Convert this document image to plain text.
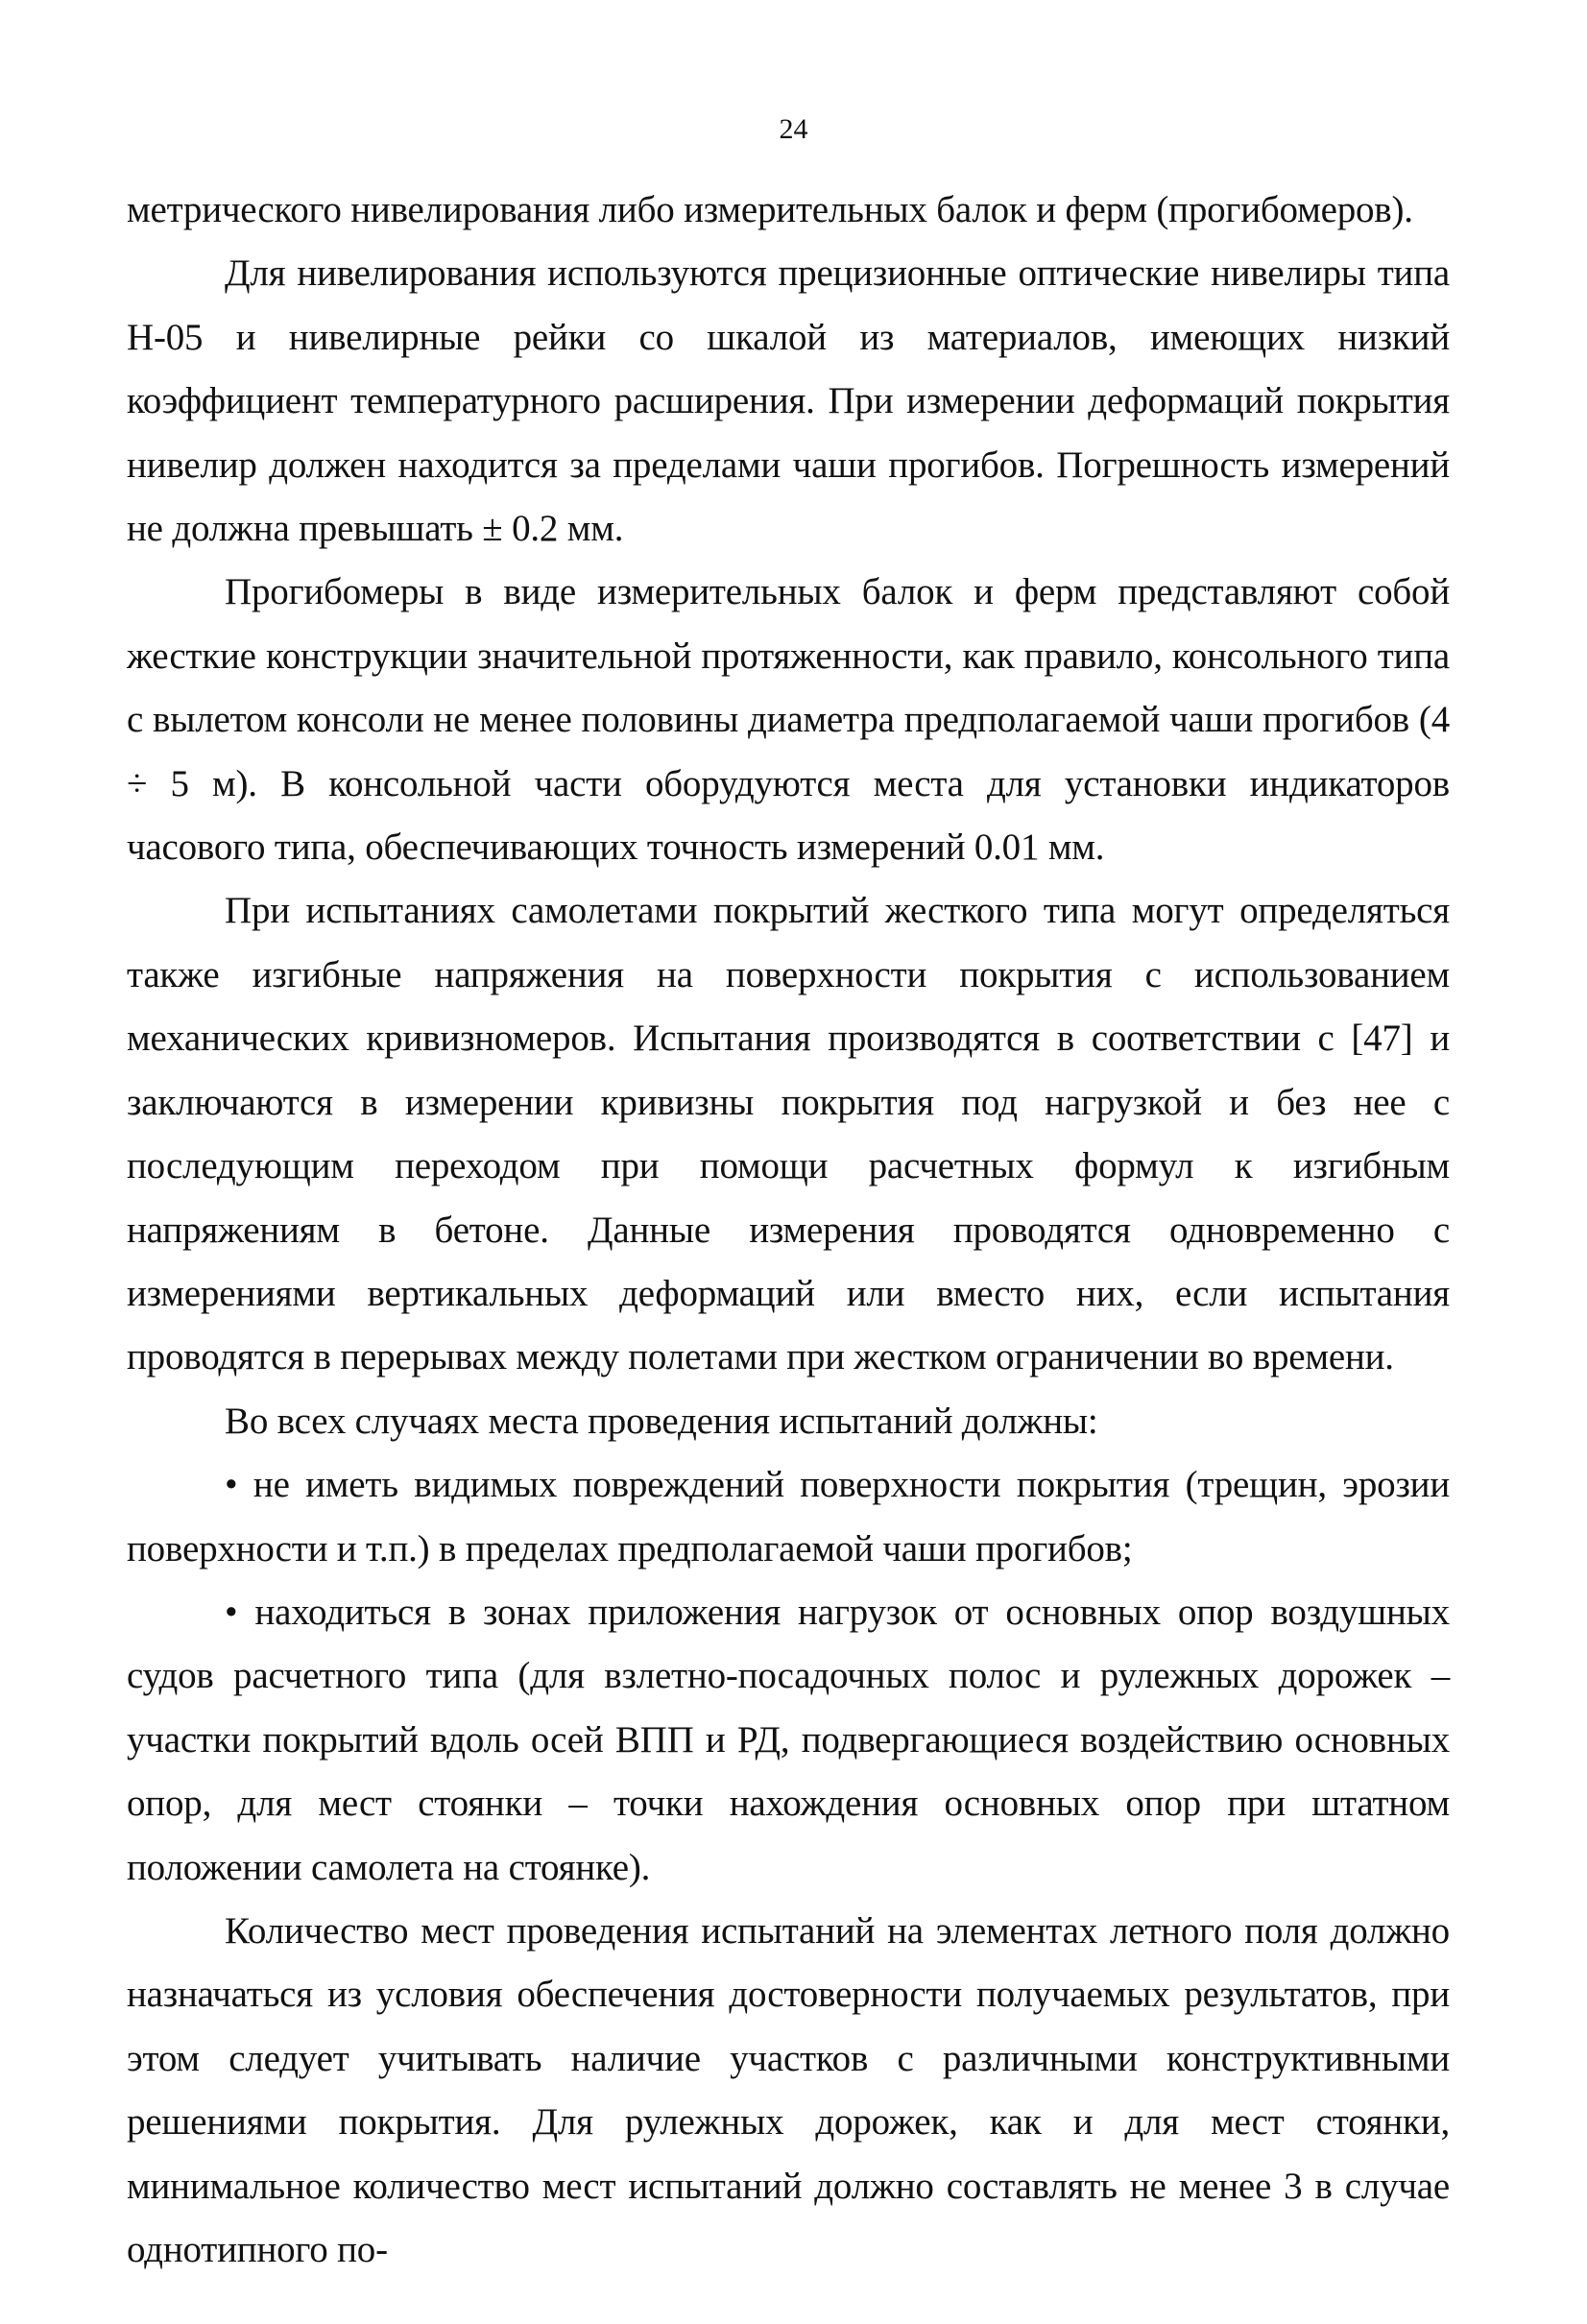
24

метрического нивелирования либо измерительных балок и ферм (прогибомеров).

Для нивелирования используются прецизионные оптические нивелиры типа Н-05 и нивелирные рейки со шкалой из материалов, имеющих низкий коэффициент температурного расширения. При измерении деформаций покрытия нивелир должен находится за пределами чаши прогибов. Погрешность измерений не должна превышать ± 0.2 мм.

Прогибомеры в виде измерительных балок и ферм представляют собой жесткие конструкции значительной протяженности, как правило, консольного типа с вылетом консоли не менее половины диаметра предполагаемой чаши прогибов (4 ÷ 5 м). В консольной части оборудуются места для установки индикаторов часового типа, обеспечивающих точность измерений 0.01 мм.

При испытаниях самолетами покрытий жесткого типа могут определяться также изгибные напряжения на поверхности покрытия с использованием механических кривизномеров. Испытания производятся в соответствии с [47] и заключаются в измерении кривизны покрытия под нагрузкой и без нее с последующим переходом при помощи расчетных формул к изгибным напряжениям в бетоне. Данные измерения проводятся одновременно с измерениями вертикальных деформаций или вместо них, если испытания проводятся в перерывах между полетами при жестком ограничении во времени.

Во всех случаях места проведения испытаний должны:

• не иметь видимых повреждений поверхности покрытия (трещин, эрозии поверхности и т.п.) в пределах предполагаемой чаши прогибов;

• находиться в зонах приложения нагрузок от основных опор воздушных судов расчетного типа (для взлетно-посадочных полос и рулежных дорожек – участки покрытий вдоль осей ВПП и РД, подвергающиеся воздействию основных опор, для мест стоянки – точки нахождения основных опор при штатном положении самолета на стоянке).

Количество мест проведения испытаний на элементах летного поля должно назначаться из условия обеспечения достоверности получаемых результатов, при этом следует учитывать наличие участков с различными конструктивными решениями покрытия. Для рулежных дорожек, как и для мест стоянки, минимальное количество мест испытаний должно составлять не менее 3 в случае однотипного по-
